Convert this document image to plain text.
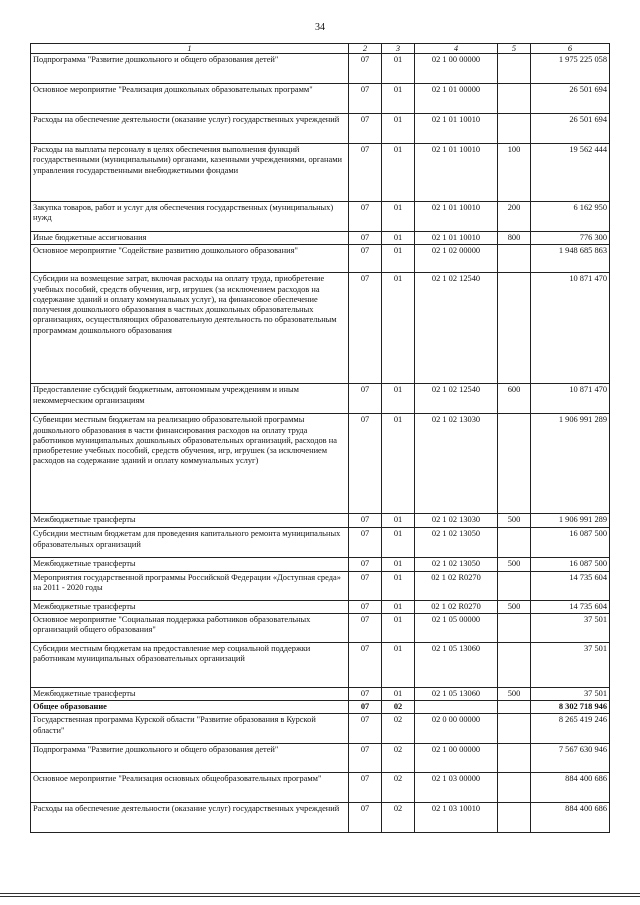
34
1	2	3	4	5	6
Подпрограмма "Развитие дошкольного и общего образования детей"	07	01	02 1 00 00000		1 975 225 058
Основное мероприятие "Реализация дошкольных образовательных программ"	07	01	02 1 01 00000		26 501 694
Расходы на обеспечение деятельности (оказание услуг) государственных учреждений	07	01	02 1 01 10010		26 501 694
Расходы на выплаты персоналу в целях обеспечения выполнения функций государственными (муниципальными) органами, казенными учреждениями, органами управления государственными внебюджетными фондами	07	01	02 1 01 10010	100	19 562 444
Закупка товаров, работ и услуг для обеспечения государственных (муниципальных) нужд	07	01	02 1 01 10010	200	6 162 950
Иные бюджетные ассигнования	07	01	02 1 01 10010	800	776 300
Основное мероприятие "Содействие развитию дошкольного образования"	07	01	02 1 02 00000		1 948 685 863
Субсидии на возмещение затрат, включая расходы на оплату труда, приобретение учебных пособий, средств обучения, игр, игрушек (за исключением расходов на содержание зданий и оплату коммунальных услуг), на финансовое обеспечение получения дошкольного образования в частных дошкольных образовательных организациях, осуществляющих образовательную деятельность по образовательным программам дошкольного образования	07	01	02 1 02 12540		10 871 470
Предоставление субсидий бюджетным, автономным учреждениям и иным некоммерческим организациям	07	01	02 1 02 12540	600	10 871 470
Субвенции местным бюджетам на реализацию образовательной программы дошкольного образования в части финансирования расходов на оплату труда работников муниципальных дошкольных образовательных организаций, расходов на приобретение учебных пособий, средств обучения, игр, игрушек (за исключением расходов на содержание зданий и оплату коммунальных услуг)	07	01	02 1 02 13030		1 906 991 289
Межбюджетные трансферты	07	01	02 1 02 13030	500	1 906 991 289
Субсидии местным бюджетам для проведения капитального ремонта муниципальных образовательных организаций	07	01	02 1 02 13050		16 087 500
Межбюджетные трансферты	07	01	02 1 02 13050	500	16 087 500
Мероприятия государственной программы Российской Федерации «Доступная среда» на 2011 - 2020 годы	07	01	02 1 02 R0270		14 735 604
Межбюджетные трансферты	07	01	02 1 02 R0270	500	14 735 604
Основное мероприятие "Социальная поддержка работников образовательных организаций общего образования"	07	01	02 1 05 00000		37 501
Субсидии местным бюджетам на предоставление мер социальной поддержки работникам муниципальных образовательных организаций	07	01	02 1 05 13060		37 501
Межбюджетные трансферты	07	01	02 1 05 13060	500	37 501
Общее образование	07	02			8 302 718 946
Государственная программа Курской области "Развитие образования в Курской области"	07	02	02 0 00 00000		8 265 419 246
Подпрограмма "Развитие дошкольного и общего образования детей"	07	02	02 1 00 00000		7 567 630 946
Основное мероприятие "Реализация основных общеобразовательных программ"	07	02	02 1 03 00000		884 400 686
Расходы на обеспечение деятельности (оказание услуг) государственных учреждений	07	02	02 1 03 10010		884 400 686
